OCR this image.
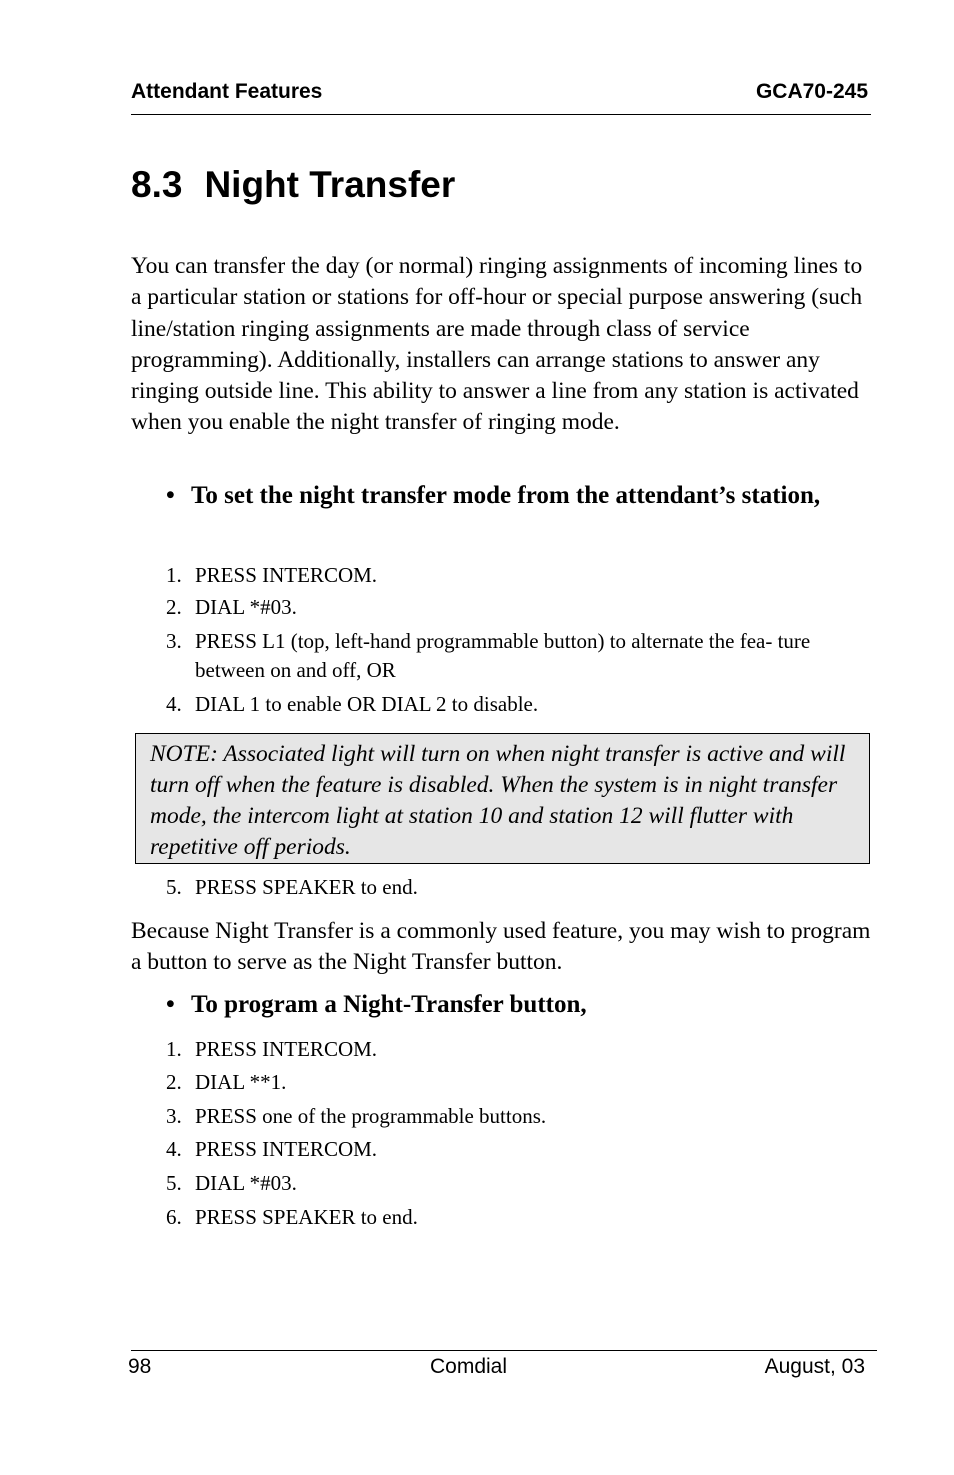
Attendant Features	GCA70-245
8.3 Night Transfer

You can transfer the day (or normal) ringing assignments of incoming lines to a particular station or stations for off-hour or special purpose answering (such line/station ringing assignments are made through class of service programming). Additionally, installers can arrange stations to answer any ringing outside line. This ability to answer a line from any station is activated when you enable the night transfer of ringing mode.

• To set the night transfer mode from the attendant’s station,
1. PRESS INTERCOM.
2. DIAL *#03.
3. PRESS L1 (top, left-hand programmable button) to alternate the fea- ture between on and off, OR
4. DIAL 1 to enable OR DIAL 2 to disable.
NOTE: Associated light will turn on when night transfer is active and will turn off when the feature is disabled. When the system is in night transfer mode, the intercom light at station 10 and station 12 will flutter with repetitive off periods.
5. PRESS SPEAKER to end.

Because Night Transfer is a commonly used feature, you may wish to program a button to serve as the Night Transfer button.

• To program a Night-Transfer button,
1. PRESS INTERCOM.
2. DIAL **1.
3. PRESS one of the programmable buttons.
4. PRESS INTERCOM.
5. DIAL *#03.
6. PRESS SPEAKER to end.
98	Comdial	August, 03
